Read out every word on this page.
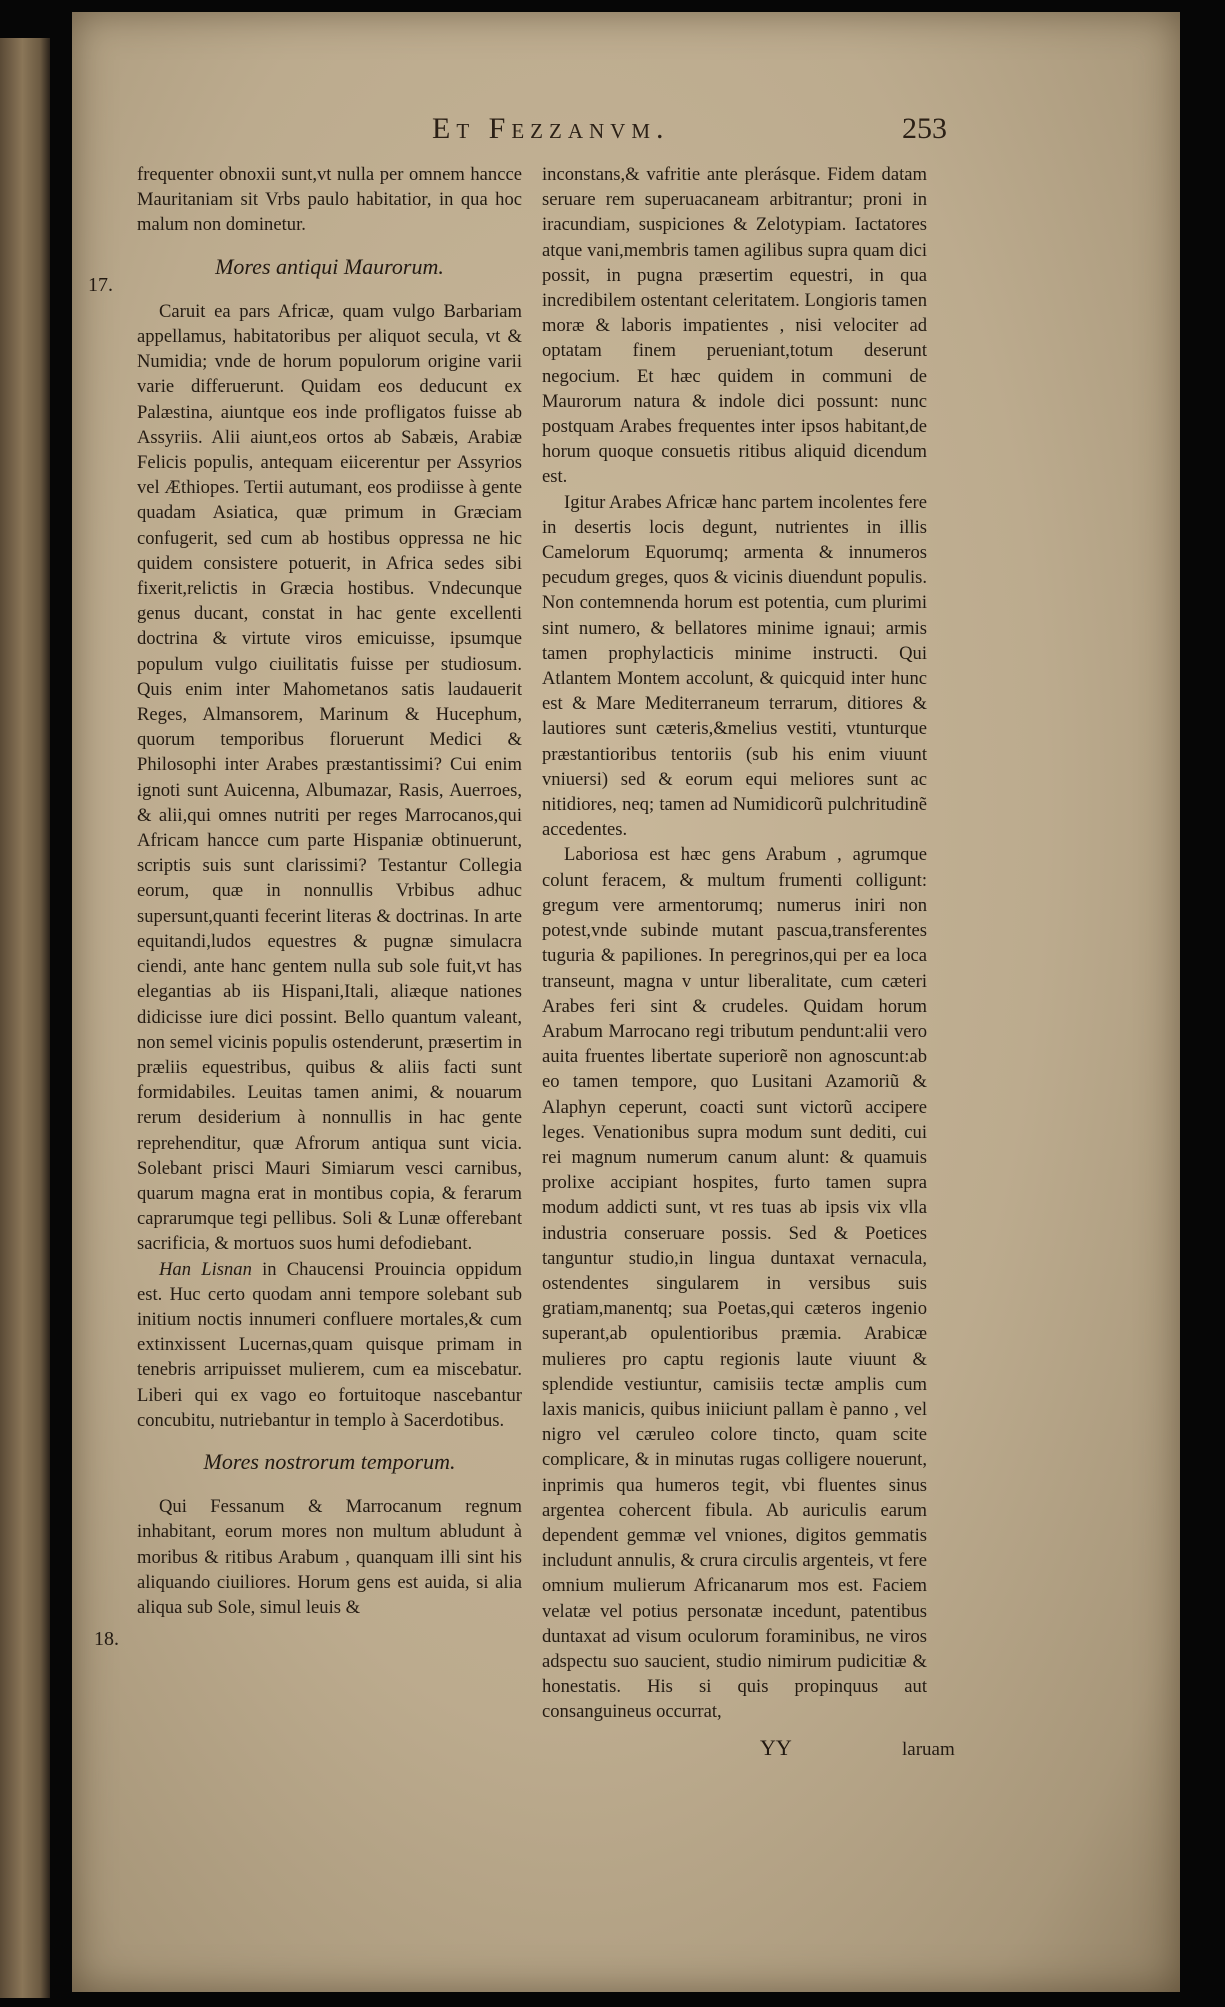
Et Fezzanvm.	253

frequenter obnoxii sunt,vt nulla per omnem hancce Mauritaniam sit Vrbs paulo habitatior, in qua hoc malum non dominetur.

Mores antiqui Maurorum.

Caruit ea pars Africæ, quam vulgo Barbariam appellamus, habitatoribus per aliquot secula, vt & Numidia; vnde de horum populorum origine varii varie differuerunt. Quidam eos deducunt ex Palæstina, aiuntque eos inde profligatos fuisse ab Assyriis. Alii aiunt,eos ortos ab Sabæis, Arabiæ Felicis populis, antequam eiicerentur per Assyrios vel Æthiopes. Tertii autumant, eos prodiisse à gente quadam Asiatica, quæ primum in Græciam confugerit, sed cum ab hostibus oppressa ne hic quidem consistere potuerit, in Africa sedes sibi fixerit,relictis in Græcia hostibus. Vndecunque genus ducant, constat in hac gente excellenti doctrina & virtute viros emicuisse, ipsumque populum vulgo ciuilitatis fuisse per studiosum. Quis enim inter Mahometanos satis laudauerit Reges, Almansorem, Marinum & Hucephum, quorum temporibus floruerunt Medici & Philosophi inter Arabes præstantissimi? Cui enim ignoti sunt Auicenna, Albumazar, Rasis, Auerroes, & alii,qui omnes nutriti per reges Marrocanos,qui Africam hancce cum parte Hispaniæ obtinuerunt, scriptis suis sunt clarissimi? Testantur Collegia eorum, quæ in nonnullis Vrbibus adhuc supersunt,quanti fecerint literas & doctrinas. In arte equitandi,ludos equestres & pugnæ simulacra ciendi, ante hanc gentem nulla sub sole fuit,vt has elegantias ab iis Hispani,Itali, aliæque nationes didicisse iure dici possint. Bello quantum valeant, non semel vicinis populis ostenderunt, præsertim in præliis equestribus, quibus & aliis facti sunt formidabiles. Leuitas tamen animi, & nouarum rerum desiderium à nonnullis in hac gente reprehenditur, quæ Afrorum antiqua sunt vicia. Solebant prisci Mauri Simiarum vesci carnibus, quarum magna erat in montibus copia, & ferarum caprarumque tegi pellibus. Soli & Lunæ offerebant sacrificia, & mortuos suos humi defodiebant.

Han Lisnan in Chaucensi Prouincia oppidum est. Huc certo quodam anni tempore solebant sub initium noctis innumeri confluere mortales,& cum extinxissent Lucernas,quam quisque primam in tenebris arripuisset mulierem, cum ea miscebatur. Liberi qui ex vago eo fortuitoque nascebantur concubitu, nutriebantur in templo à Sacerdotibus.

Mores nostrorum temporum.

Qui Fessanum & Marrocanum regnum inhabitant, eorum mores non multum abludunt à moribus & ritibus Arabum , quanquam illi sint his aliquando ciuiliores. Horum gens est auida, si alia aliqua sub Sole, simul leuis &

17.
18.

inconstans,& vafritie ante plerásque. Fidem datam seruare rem superuacaneam arbitrantur; proni in iracundiam, suspiciones & Zelotypiam. Iactatores atque vani,membris tamen agilibus supra quam dici possit, in pugna præsertim equestri, in qua incredibilem ostentant celeritatem. Longioris tamen moræ & laboris impatientes , nisi velociter ad optatam finem perueniant,totum deserunt negocium. Et hæc quidem in communi de Maurorum natura & indole dici possunt: nunc postquam Arabes frequentes inter ipsos habitant,de horum quoque consuetis ritibus aliquid dicendum est.

Igitur Arabes Africæ hanc partem incolentes fere in desertis locis degunt, nutrientes in illis Camelorum Equorumq; armenta & innumeros pecudum greges, quos & vicinis diuendunt populis. Non contemnenda horum est potentia, cum plurimi sint numero, & bellatores minime ignaui; armis tamen prophylacticis minime instructi. Qui Atlantem Montem accolunt, & quicquid inter hunc est & Mare Mediterraneum terrarum, ditiores & lautiores sunt cæteris,&melius vestiti, vtunturque præstantioribus tentoriis (sub his enim viuunt vniuersi) sed & eorum equi meliores sunt ac nitidiores, neq; tamen ad Numidicorũ pulchritudinẽ accedentes.

Laboriosa est hæc gens Arabum , agrumque colunt feracem, & multum frumenti colligunt: gregum vere armentorumq; numerus iniri non potest,vnde subinde mutant pascua,transferentes tuguria & papiliones. In peregrinos,qui per ea loca transeunt, magna v untur liberalitate, cum cæteri Arabes feri sint & crudeles. Quidam horum Arabum Marrocano regi tributum pendunt:alii vero auita fruentes libertate superiorẽ non agnoscunt:ab eo tamen tempore, quo Lusitani Azamoriũ & Alaphyn ceperunt, coacti sunt victorũ accipere leges. Venationibus supra modum sunt dediti, cui rei magnum numerum canum alunt: & quamuis prolixe accipiant hospites, furto tamen supra modum addicti sunt, vt res tuas ab ipsis vix vlla industria conseruare possis. Sed & Poetices tanguntur studio,in lingua duntaxat vernacula, ostendentes singularem in versibus suis gratiam,manentq; sua Poetas,qui cæteros ingenio superant,ab opulentioribus præmia. Arabicæ mulieres pro captu regionis laute viuunt & splendide vestiuntur, camisiis tectæ amplis cum laxis manicis, quibus iniiciunt pallam è panno , vel nigro vel cæruleo colore tincto, quam scite complicare, & in minutas rugas colligere nouerunt, inprimis qua humeros tegit, vbi fluentes sinus argentea cohercent fibula. Ab auriculis earum dependent gemmæ vel vniones, digitos gemmatis includunt annulis, & crura circulis argenteis, vt fere omnium mulierum Africanarum mos est. Faciem velatæ vel potius personatæ incedunt, patentibus duntaxat ad visum oculorum foraminibus, ne viros adspectu suo saucient, studio nimirum pudicitiæ & honestatis. His si quis propinquus aut consanguineus occurrat,

YY	laruam
